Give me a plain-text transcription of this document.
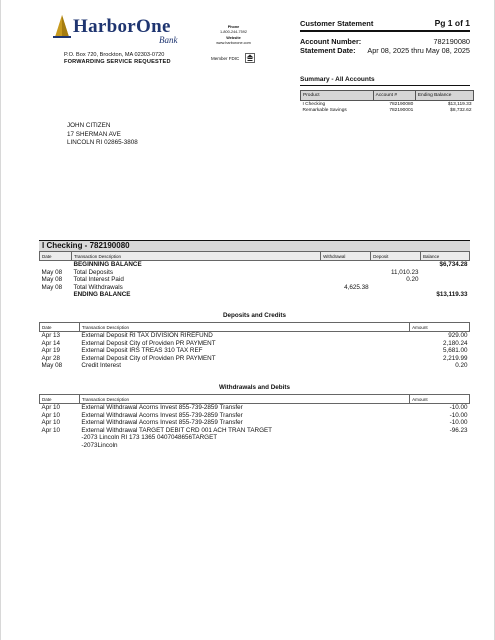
HarborOne
Bank
P.O. Box 720, Brockton, MA 02303-0720
FORWARDING SERVICE REQUESTED
Phone
1-800-244-7592
Website
www.harborone.com
Member FDIC
Customer Statement	Pg 1 of 1
Account Number:	782190080
Statement Date: Apr 08, 2025 thru May 08, 2025
Summary - All Accounts
Product	Account #	Ending Balance
I Checking	782190080	$13,119.33
Remarkable Savings	782190001	$8,732.62
JOHN CITIZEN
17 SHERMAN AVE
LINCOLN RI 02865-3808
I Checking - 782190080
Date	Transaction Description	Withdrawal	Deposit	Balance
	BEGINNING BALANCE			$6,734.28
May 08	Total Deposits		11,010.23	
May 08	Total Interest Paid		0.20	
May 08	Total Withdrawals	4,625.38		
	ENDING BALANCE			$13,119.33
Deposits and Credits
Date	Transaction Description	Amount
Apr 13	External Deposit RI TAX DIVISION RIREFUND	929.00
Apr 14	External Deposit City of Providen PR PAYMENT	2,180.24
Apr 19	External Deposit IRS TREAS 310 TAX REF	5,681.00
Apr 28	External Deposit City of Providen PR PAYMENT	2,219.99
May 08	Credit Interest	0.20
Withdrawals and Debits
Date	Transaction Description	Amount
Apr 10	External Withdrawal Acorns Invest 855-739-2859 Transfer	-10.00
Apr 10	External Withdrawal Acorns Invest 855-739-2859 Transfer	-10.00
Apr 10	External Withdrawal Acorns Invest 855-739-2859 Transfer	-10.00
Apr 10	External Withdrawal TARGET DEBIT CRD 001 ACH TRAN TARGET	-96.23
	-2073 Lincoln RI 173 1365 0407048656TARGET	
	-2073Lincoln	
